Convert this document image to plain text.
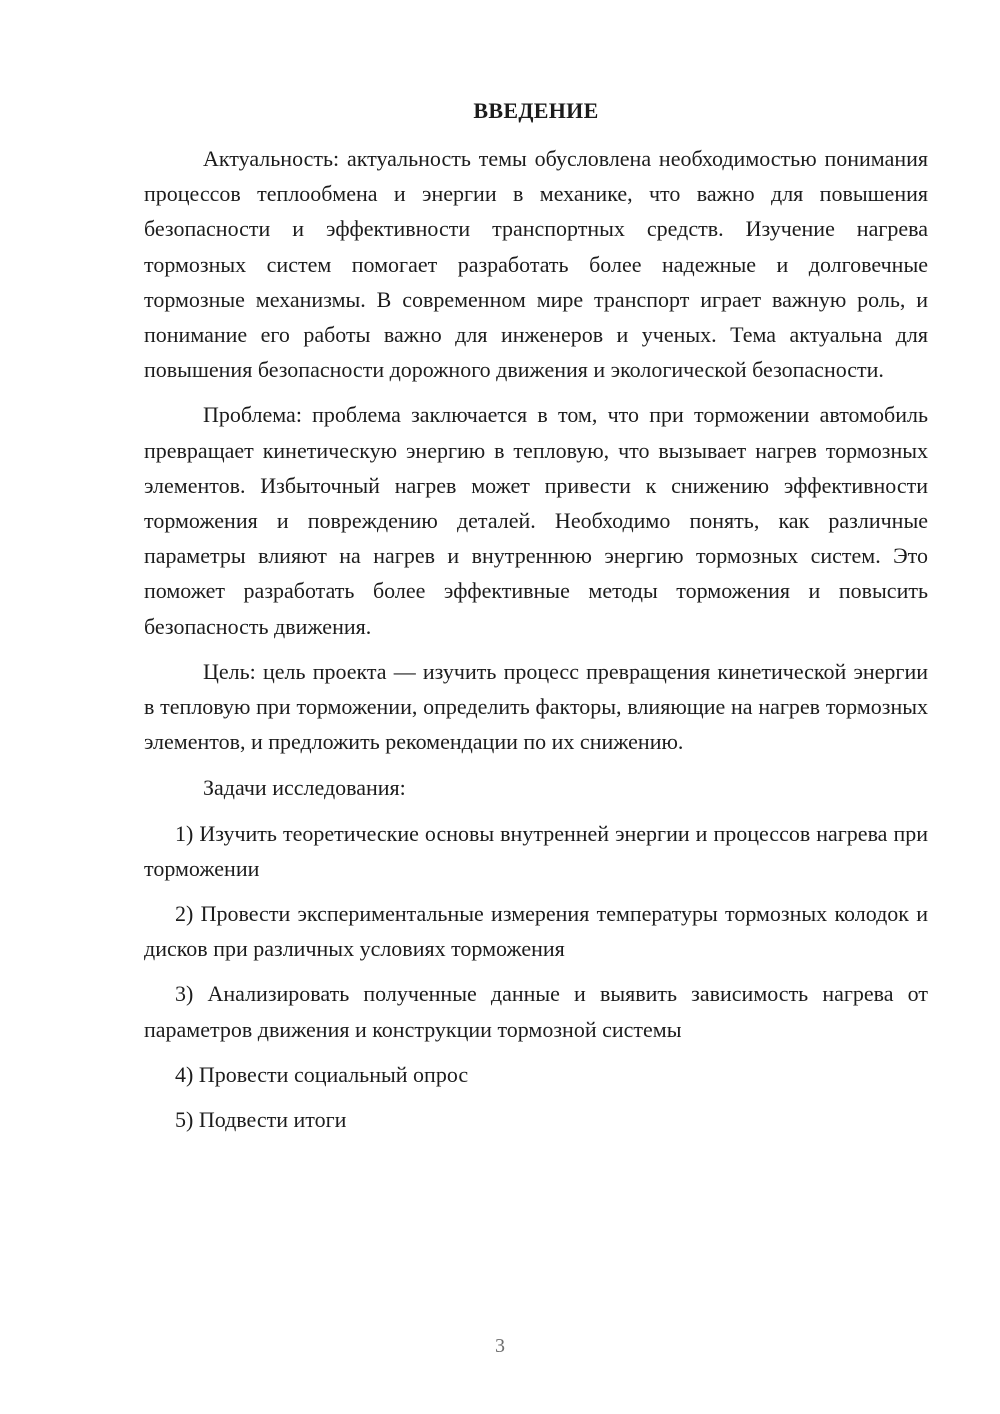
ВВЕДЕНИЕ

Актуальность: актуальность темы обусловлена необходимостью понимания процессов теплообмена и энергии в механике, что важно для повышения безопасности и эффективности транспортных средств. Изучение нагрева тормозных систем помогает разработать более надежные и долговечные тормозные механизмы. В современном мире транспорт играет важную роль, и понимание его работы важно для инженеров и ученых. Тема актуальна для повышения безопасности дорожного движения и экологической безопасности.

Проблема: проблема заключается в том, что при торможении автомобиль превращает кинетическую энергию в тепловую, что вызывает нагрев тормозных элементов. Избыточный нагрев может привести к снижению эффективности торможения и повреждению деталей. Необходимо понять, как различные параметры влияют на нагрев и внутреннюю энергию тормозных систем. Это поможет разработать более эффективные методы торможения и повысить безопасность движения.

Цель: цель проекта — изучить процесс превращения кинетической энергии в тепловую при торможении, определить факторы, влияющие на нагрев тормозных элементов, и предложить рекомендации по их снижению.

Задачи исследования:

1) Изучить теоретические основы внутренней энергии и процессов нагрева при торможении

2) Провести экспериментальные измерения температуры тормозных колодок и дисков при различных условиях торможения

3) Анализировать полученные данные и выявить зависимость нагрева от параметров движения и конструкции тормозной системы

4) Провести социальный опрос

5) Подвести итоги

3
